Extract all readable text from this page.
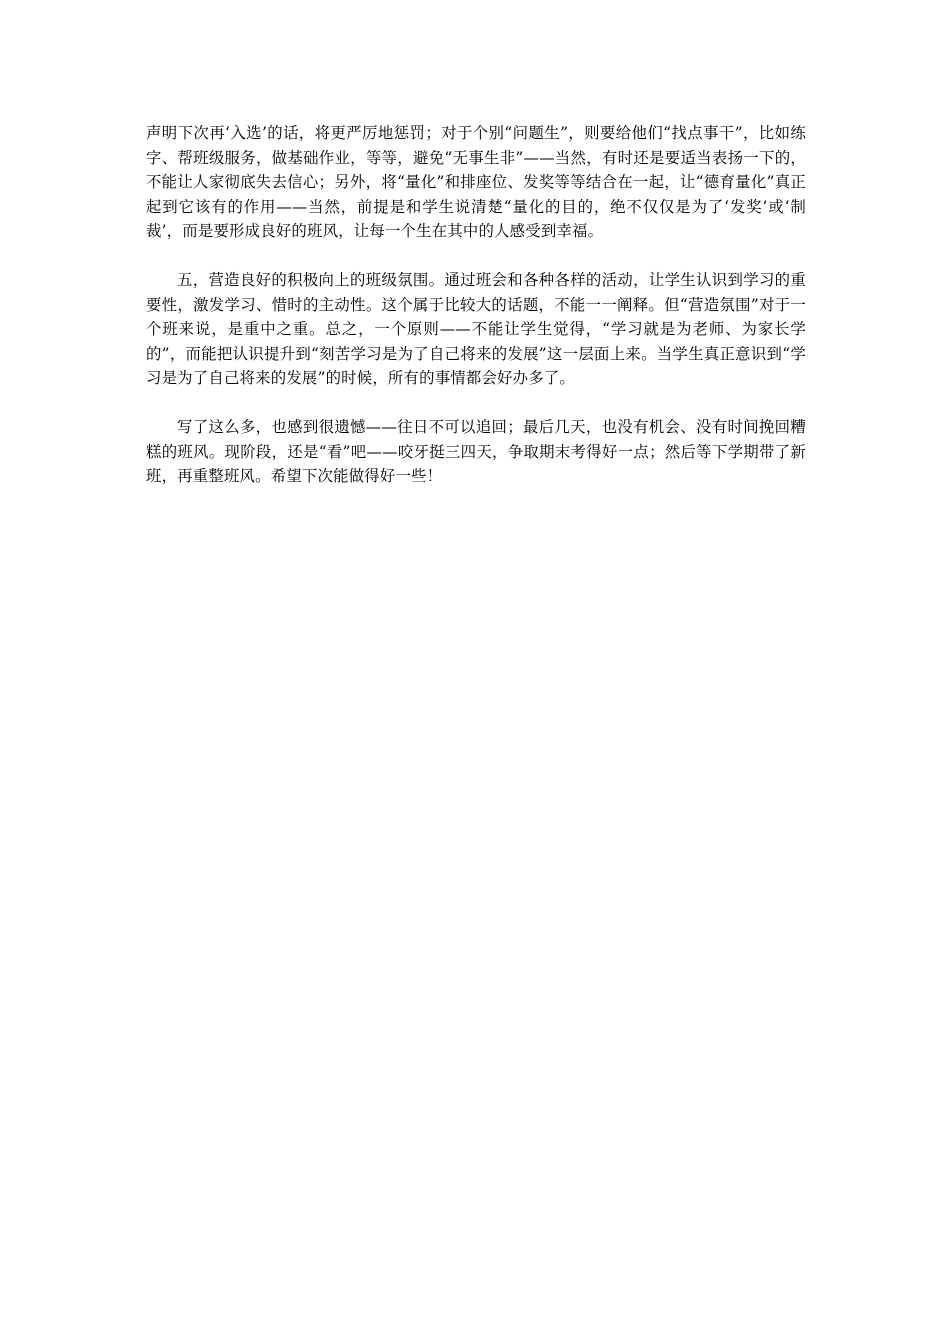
声明下次再‘入选’的话，将更严厉地惩罚；对于个别“问题生”，则要给他们“找点事干”，比如练字、帮班级服务，做基础作业，等等，避免“无事生非”——当然，有时还是要适当表扬一下的，不能让人家彻底失去信心；另外，将“量化”和排座位、发奖等等结合在一起，让“德育量化”真正起到它该有的作用——当然，前提是和学生说清楚“量化的目的，绝不仅仅是为了‘发奖’或‘制裁’，而是要形成良好的班风，让每一个生在其中的人感受到幸福。

五，营造良好的积极向上的班级氛围。通过班会和各种各样的活动，让学生认识到学习的重要性，激发学习、惜时的主动性。这个属于比较大的话题，不能一一阐释。但“营造氛围”对于一个班来说，是重中之重。总之，一个原则——不能让学生觉得，“学习就是为老师、为家长学的”，而能把认识提升到“刻苦学习是为了自己将来的发展”这一层面上来。当学生真正意识到“学习是为了自己将来的发展”的时候，所有的事情都会好办多了。

写了这么多，也感到很遗憾——往日不可以追回；最后几天，也没有机会、没有时间挽回糟糕的班风。现阶段，还是“看”吧——咬牙挺三四天，争取期末考得好一点；然后等下学期带了新班，再重整班风。希望下次能做得好一些！
